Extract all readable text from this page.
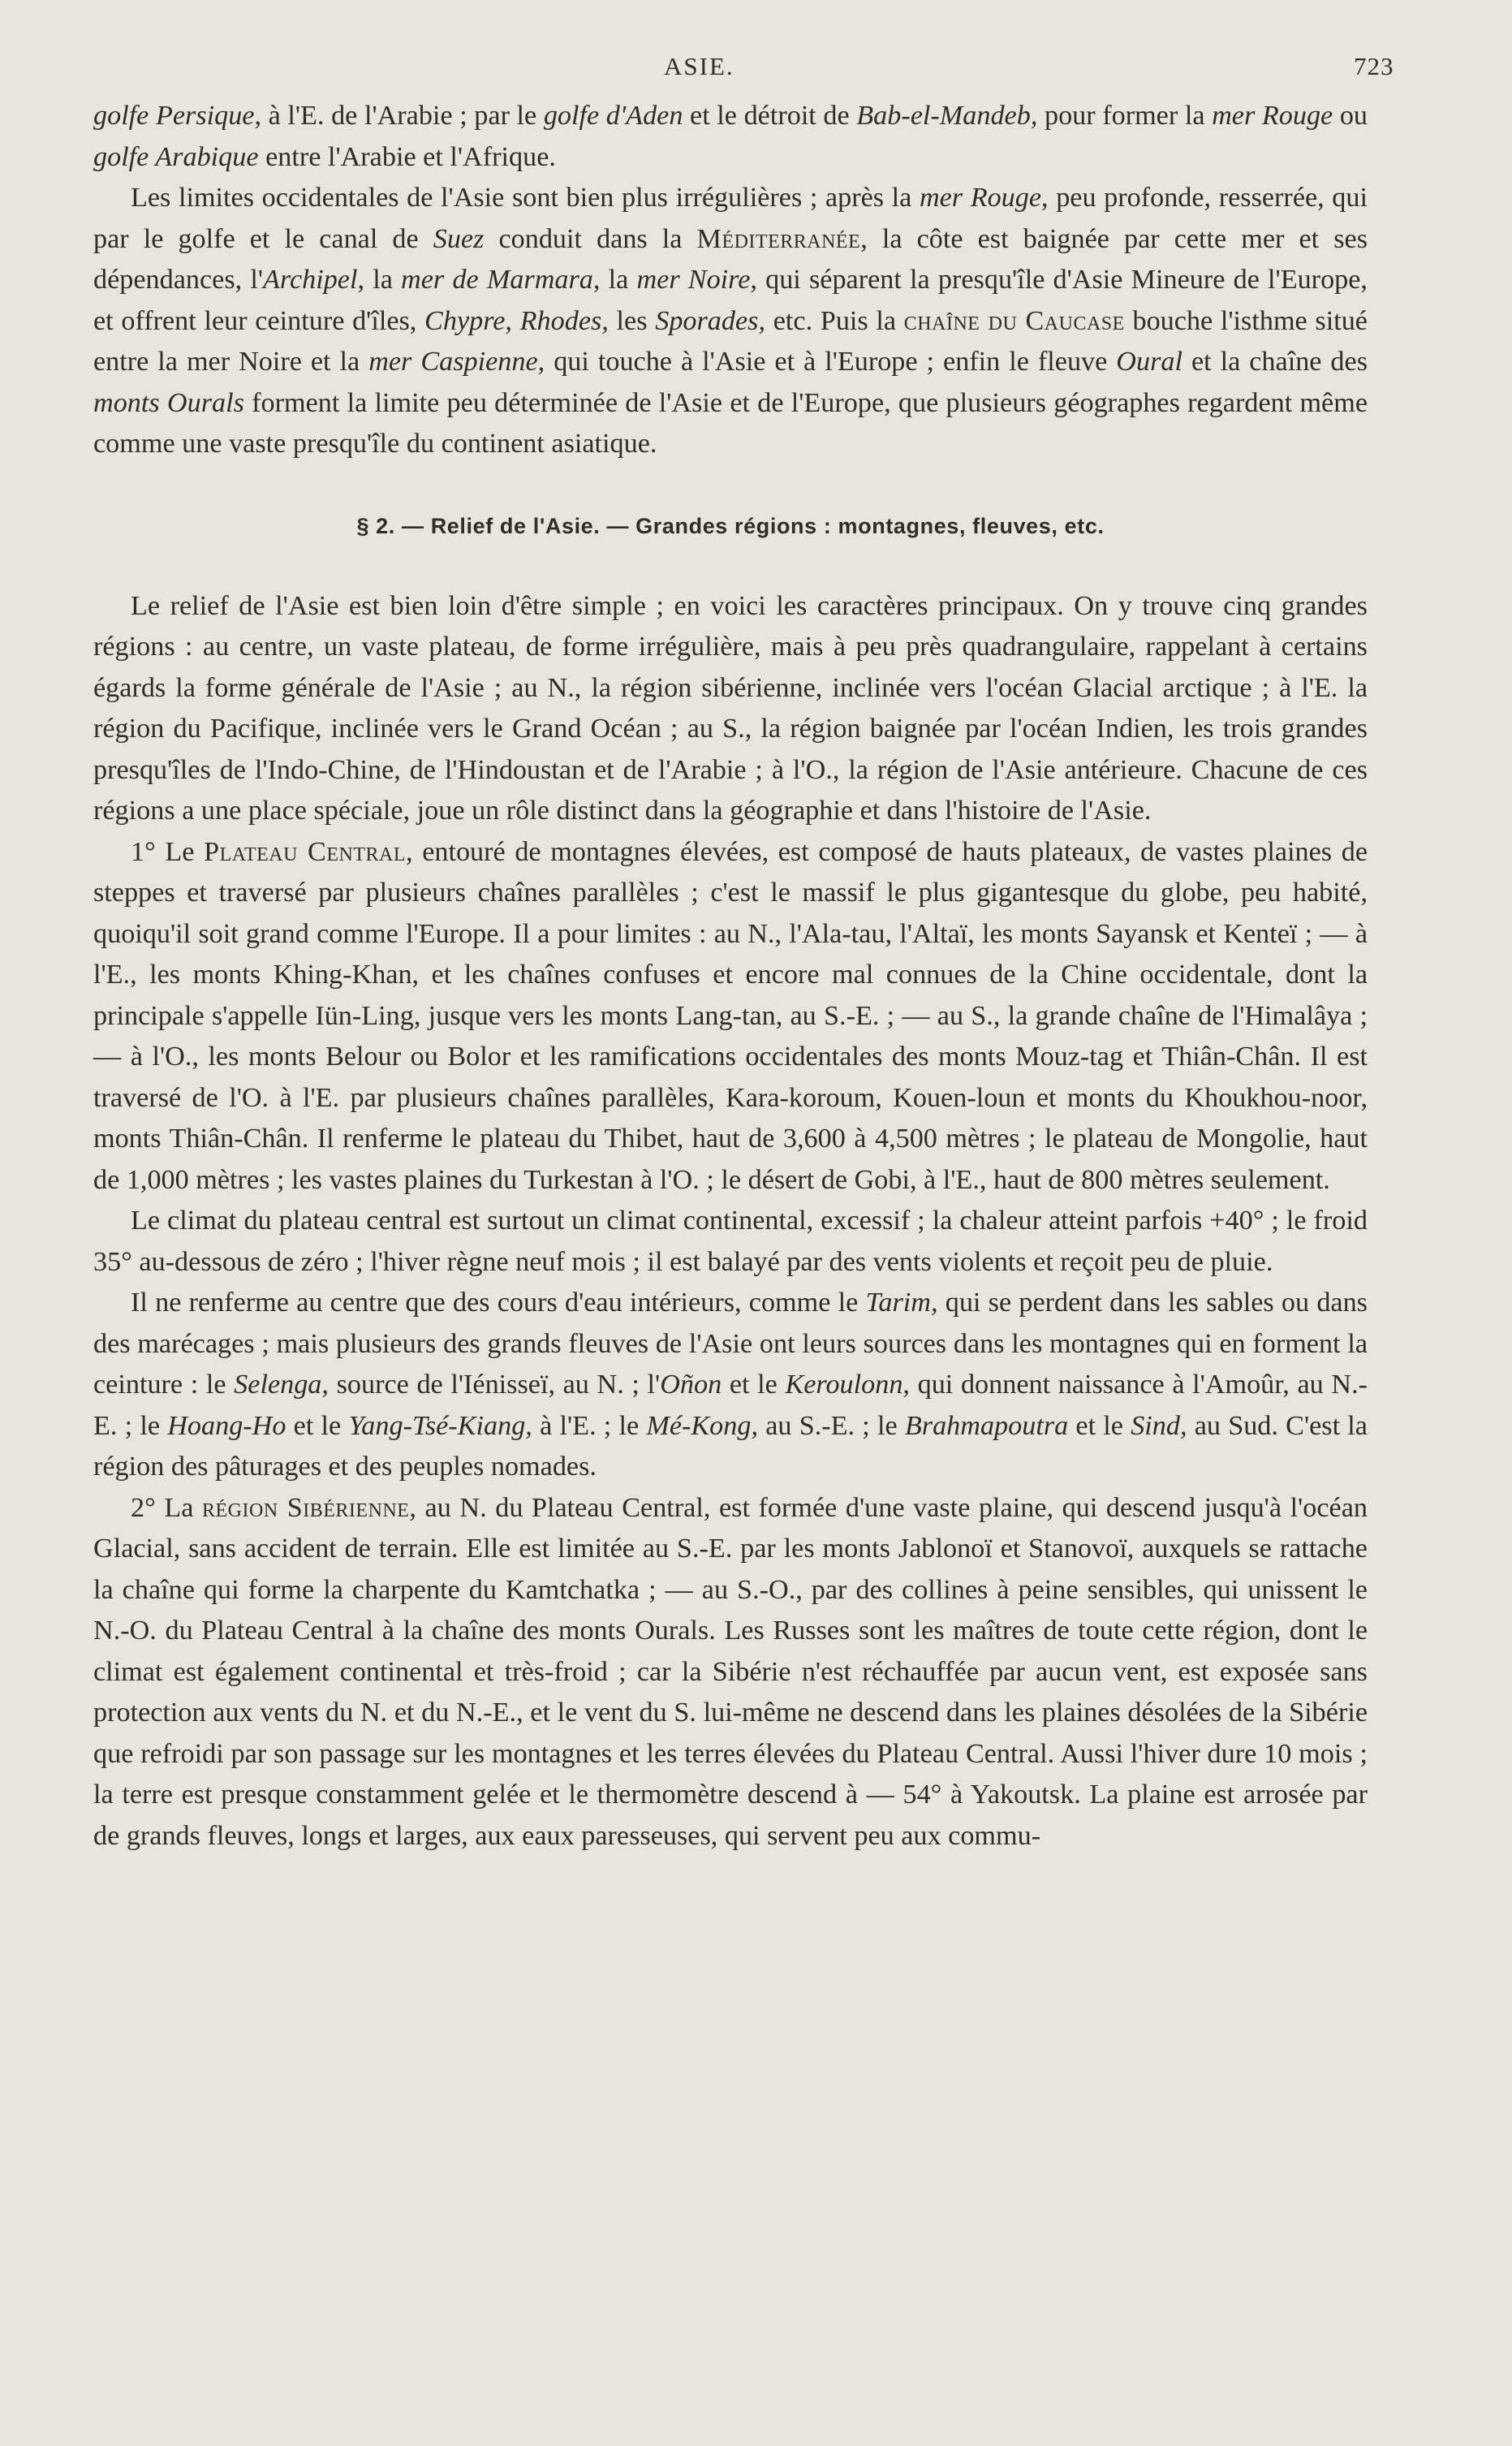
ASIE.	723

golfe Persique, à l'E. de l'Arabie ; par le golfe d'Aden et le détroit de Bab-el-Mandeb, pour former la mer Rouge ou golfe Arabique entre l'Arabie et l'Afrique.

Les limites occidentales de l'Asie sont bien plus irrégulières ; après la mer Rouge, peu profonde, resserrée, qui par le golfe et le canal de Suez conduit dans la Méditerranée, la côte est baignée par cette mer et ses dépendances, l'Archipel, la mer de Marmara, la mer Noire, qui séparent la presqu'île d'Asie Mineure de l'Europe, et offrent leur ceinture d'îles, Chypre, Rhodes, les Sporades, etc. Puis la chaîne du Caucase bouche l'isthme situé entre la mer Noire et la mer Caspienne, qui touche à l'Asie et à l'Europe ; enfin le fleuve Oural et la chaîne des monts Ourals forment la limite peu déterminée de l'Asie et de l'Europe, que plusieurs géographes regardent même comme une vaste presqu'île du continent asiatique.

§ 2. — Relief de l'Asie. — Grandes régions : montagnes, fleuves, etc.

Le relief de l'Asie est bien loin d'être simple ; en voici les caractères principaux. On y trouve cinq grandes régions : au centre, un vaste plateau, de forme irrégulière, mais à peu près quadrangulaire, rappelant à certains égards la forme générale de l'Asie ; au N., la région sibérienne, inclinée vers l'océan Glacial arctique ; à l'E. la région du Pacifique, inclinée vers le Grand Océan ; au S., la région baignée par l'océan Indien, les trois grandes presqu'îles de l'Indo-Chine, de l'Hindoustan et de l'Arabie ; à l'O., la région de l'Asie antérieure. Chacune de ces régions a une place spéciale, joue un rôle distinct dans la géographie et dans l'histoire de l'Asie.

1° Le Plateau Central, entouré de montagnes élevées, est composé de hauts plateaux, de vastes plaines de steppes et traversé par plusieurs chaînes parallèles ; c'est le massif le plus gigantesque du globe, peu habité, quoiqu'il soit grand comme l'Europe. Il a pour limites : au N., l'Ala-tau, l'Altaï, les monts Sayansk et Kenteï ; — à l'E., les monts Khing-Khan, et les chaînes confuses et encore mal connues de la Chine occidentale, dont la principale s'appelle Iün-Ling, jusque vers les monts Lang-tan, au S.-E. ; — au S., la grande chaîne de l'Himalâya ; — à l'O., les monts Belour ou Bolor et les ramifications occidentales des monts Mouz-tag et Thiân-Chân. Il est traversé de l'O. à l'E. par plusieurs chaînes parallèles, Kara-koroum, Kouen-loun et monts du Khoukhou-noor, monts Thiân-Chân. Il renferme le plateau du Thibet, haut de 3,600 à 4,500 mètres ; le plateau de Mongolie, haut de 1,000 mètres ; les vastes plaines du Turkestan à l'O. ; le désert de Gobi, à l'E., haut de 800 mètres seulement.

Le climat du plateau central est surtout un climat continental, excessif ; la chaleur atteint parfois +40° ; le froid 35° au-dessous de zéro ; l'hiver règne neuf mois ; il est balayé par des vents violents et reçoit peu de pluie.

Il ne renferme au centre que des cours d'eau intérieurs, comme le Tarim, qui se perdent dans les sables ou dans des marécages ; mais plusieurs des grands fleuves de l'Asie ont leurs sources dans les montagnes qui en forment la ceinture : le Selenga, source de l'Iénisseï, au N. ; l'Oñon et le Keroulonn, qui donnent naissance à l'Amoûr, au N.-E. ; le Hoang-Ho et le Yang-Tsé-Kiang, à l'E. ; le Mé-Kong, au S.-E. ; le Brahmapoutra et le Sind, au Sud. C'est la région des pâturages et des peuples nomades.

2° La région Sibérienne, au N. du Plateau Central, est formée d'une vaste plaine, qui descend jusqu'à l'océan Glacial, sans accident de terrain. Elle est limitée au S.-E. par les monts Jablonoï et Stanovoï, auxquels se rattache la chaîne qui forme la charpente du Kamtchatka ; — au S.-O., par des collines à peine sensibles, qui unissent le N.-O. du Plateau Central à la chaîne des monts Ourals. Les Russes sont les maîtres de toute cette région, dont le climat est également continental et très-froid ; car la Sibérie n'est réchauffée par aucun vent, est exposée sans protection aux vents du N. et du N.-E., et le vent du S. lui-même ne descend dans les plaines désolées de la Sibérie que refroidi par son passage sur les montagnes et les terres élevées du Plateau Central. Aussi l'hiver dure 10 mois ; la terre est presque constamment gelée et le thermomètre descend à — 54° à Yakoutsk. La plaine est arrosée par de grands fleuves, longs et larges, aux eaux paresseuses, qui servent peu aux commu-
